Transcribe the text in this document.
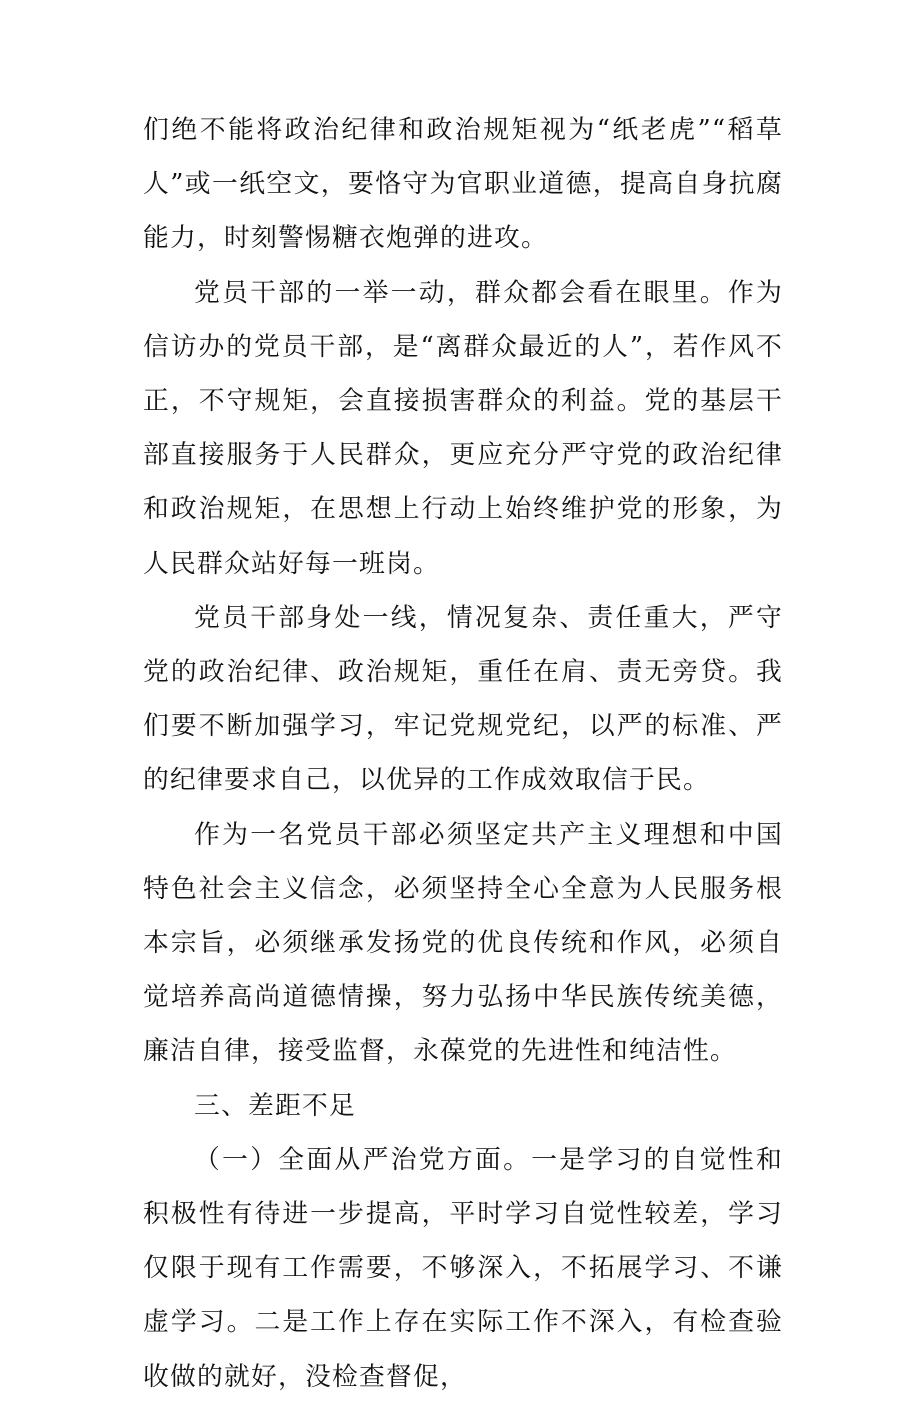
们绝不能将政治纪律和政治规矩视为“纸老虎”“稻草人”或一纸空文，要恪守为官职业道德，提高自身抗腐能力，时刻警惕糖衣炮弹的进攻。

党员干部的一举一动，群众都会看在眼里。作为信访办的党员干部，是“离群众最近的人”，若作风不正，不守规矩，会直接损害群众的利益。党的基层干部直接服务于人民群众，更应充分严守党的政治纪律和政治规矩，在思想上行动上始终维护党的形象，为人民群众站好每一班岗。

党员干部身处一线，情况复杂、责任重大，严守党的政治纪律、政治规矩，重任在肩、责无旁贷。我们要不断加强学习，牢记党规党纪，以严的标准、严的纪律要求自己，以优异的工作成效取信于民。

作为一名党员干部必须坚定共产主义理想和中国特色社会主义信念，必须坚持全心全意为人民服务根本宗旨，必须继承发扬党的优良传统和作风，必须自觉培养高尚道德情操，努力弘扬中华民族传统美德，廉洁自律，接受监督，永葆党的先进性和纯洁性。

三、差距不足

（一）全面从严治党方面。一是学习的自觉性和积极性有待进一步提高，平时学习自觉性较差，学习仅限于现有工作需要，不够深入，不拓展学习、不谦虚学习。二是工作上存在实际工作不深入，有检查验收做的就好，没检查督促，
